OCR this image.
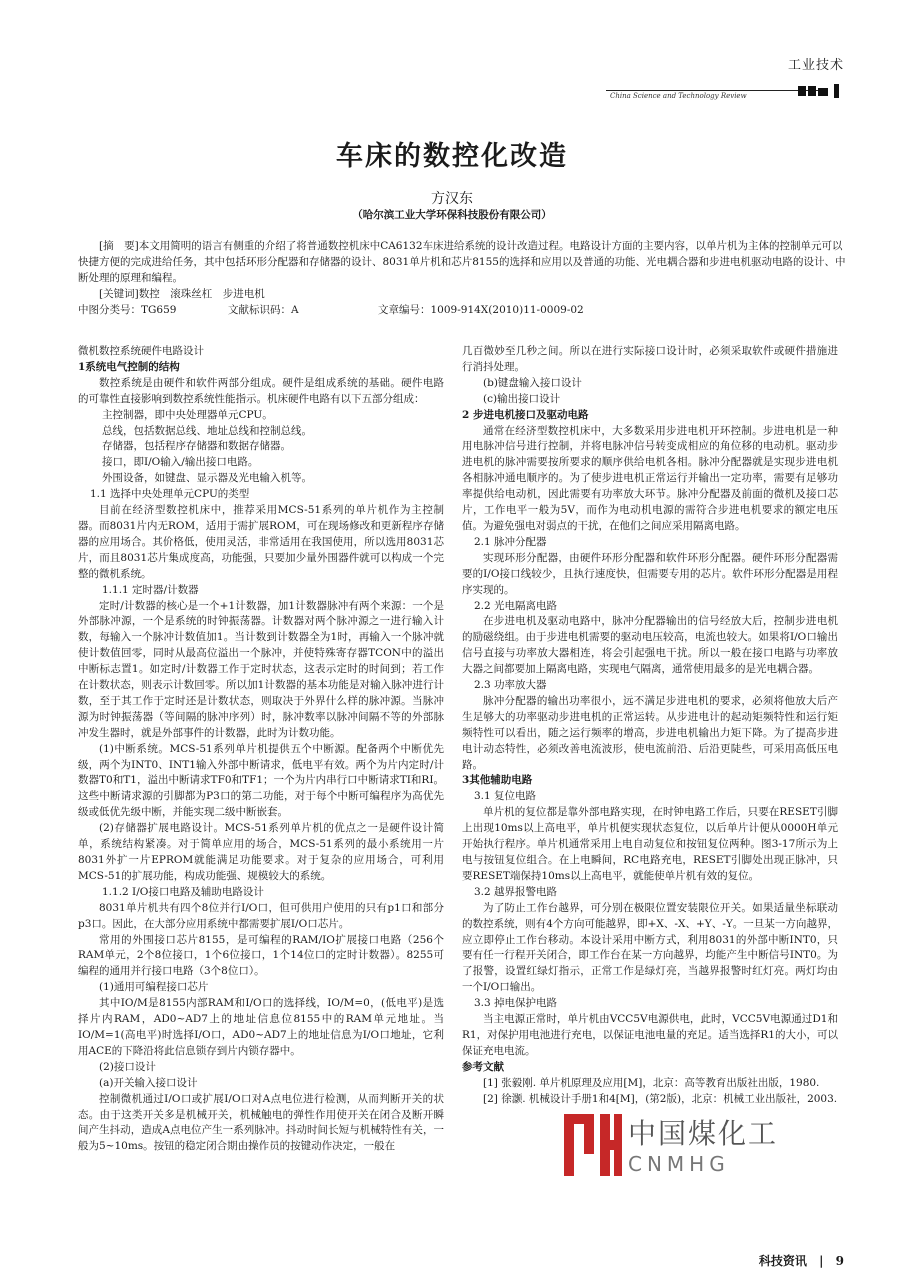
工业技术
China Science and Technology Review
车床的数控化改造
方汉东
（哈尔滨工业大学环保科技股份有限公司）

[摘　要]本文用简明的语言有侧重的介绍了将普通数控机床中CA6132车床进给系统的设计改造过程。电路设计方面的主要内容，以单片机为主体的控制单元可以快捷方便的完成进给任务，其中包括环形分配器和存储器的设计、8031单片机和芯片8155的选择和应用以及普通的功能、光电耦合器和步进电机驱动电路的设计、中断处理的原理和编程。

[关键词]数控　滚珠丝杠　步进电机

中图分类号：TG659	文献标识码：A	文章编号：1009-914X(2010)11-0009-02

微机数控系统硬件电路设计

1系统电气控制的结构

数控系统是由硬件和软件两部分组成。硬件是组成系统的基础。硬件电路的可靠性直接影响到数控系统性能指示。机床硬件电路有以下五部分组成：

主控制器，即中央处理器单元CPU。

总线，包括数据总线、地址总线和控制总线。

存储器，包括程序存储器和数据存储器。

接口，即I/O输入/输出接口电路。

外围设备，如键盘、显示器及光电输入机等。

1.1 选择中央处理单元CPU的类型

目前在经济型数控机床中，推荐采用MCS-51系列的单片机作为主控制器。而8031片内无ROM，适用于需扩展ROM，可在现场修改和更新程序存储器的应用场合。其价格低，使用灵活，非常适用在我国使用，所以选用8031芯片，而且8031芯片集成度高，功能强，只要加少量外围器件就可以构成一个完整的微机系统。

1.1.1 定时器/计数器

定时/计数器的核心是一个+1计数器，加1计数器脉冲有两个来源：一个是外部脉冲源，一个是系统的时钟振荡器。计数器对两个脉冲源之一进行输入计数，每输入一个脉冲计数值加1。当计数到计数器全为1时，再输入一个脉冲就使计数值回零，同时从最高位溢出一个脉冲，并使特殊寄存器TCON中的溢出中断标志置1。如定时/计数器工作于定时状态，这表示定时的时间到；若工作在计数状态，则表示计数回零。所以加1计数器的基本功能是对输入脉冲进行计数，至于其工作于定时还是计数状态，则取决于外界什么样的脉冲源。当脉冲源为时钟振荡器（等间隔的脉冲序列）时，脉冲数率以脉冲间隔不等的外部脉冲发生器时，就是外部事件的计数器，此时为计数功能。

(1)中断系统。MCS-51系列单片机提供五个中断源。配备两个中断优先级，两个为INT0、INT1输入外部中断请求，低电平有效。两个为片内定时/计数器T0和T1，溢出中断请求TF0和TF1；一个为片内串行口中断请求TI和RI。这些中断请求源的引脚都为P3口的第二功能，对于每个中断可编程序为高优先级或低优先级中断，并能实现二级中断嵌套。

(2)存储器扩展电路设计。MCS-51系列单片机的优点之一是硬件设计简单，系统结构紧凑。对于简单应用的场合，MCS-51系列的最小系统用一片8031外扩一片EPROM就能满足功能要求。对于复杂的应用场合，可利用MCS-51的扩展功能，构成功能强、规模较大的系统。

1.1.2 I/O接口电路及辅助电路设计

8031单片机共有四个8位并行I/O口，但可供用户使用的只有p1口和部分p3口。因此，在大部分应用系统中都需要扩展I/O口芯片。

常用的外围接口芯片8155，是可编程的RAM/IO扩展接口电路（256个RAM单元，2个8位接口，1个6位接口，1个14位口的定时计数器）。8255可编程的通用并行接口电路（3个8位口）。

(1)通用可编程接口芯片

其中IO/M是8155内部RAM和I/O口的选择线，IO/M=0，(低电平)是选择片内RAM，AD0~AD7上的地址信息位8155中的RAM单元地址。当IO/M=1(高电平)时选择I/O口，AD0~AD7上的地址信息为I/O口地址，它利用ACE的下降沿将此信息锁存到片内锁存器中。

(2)接口设计

(a)开关输入接口设计

控制微机通过I/O口或扩展I/O口对A点电位进行检测，从而判断开关的状态。由于这类开关多是机械开关，机械触电的弹性作用使开关在闭合及断开瞬间产生抖动，造成A点电位产生一系列脉冲。抖动时间长短与机械特性有关，一般为5~10ms。按钮的稳定闭合期由操作员的按键动作决定，一般在

几百微妙至几秒之间。所以在进行实际接口设计时，必须采取软件或硬件措施进行消抖处理。

(b)键盘输入接口设计

(c)输出接口设计

2 步进电机接口及驱动电路

通常在经济型数控机床中，大多数采用步进电机开环控制。步进电机是一种用电脉冲信号进行控制，并将电脉冲信号转变成相应的角位移的电动机。驱动步进电机的脉冲需要按所要求的顺序供给电机各相。脉冲分配器就是实现步进电机各相脉冲通电顺序的。为了使步进电机正常运行并输出一定功率，需要有足够功率提供给电动机，因此需要有功率放大环节。脉冲分配器及前面的微机及接口芯片，工作电平一般为5V，而作为电动机电源的需符合步进电机要求的额定电压值。为避免强电对弱点的干扰，在他们之间应采用隔离电路。

2.1 脉冲分配器

实现环形分配器，由硬件环形分配器和软件环形分配器。硬件环形分配器需要的I/O接口线较少，且执行速度快，但需要专用的芯片。软件环形分配器是用程序实现的。

2.2 光电隔离电路

在步进电机及驱动电路中，脉冲分配器输出的信号经放大后，控制步进电机的励磁绕组。由于步进电机需要的驱动电压较高，电流也较大。如果将I/O口输出信号直接与功率放大器相连，将会引起强电干扰。所以一般在接口电路与功率放大器之间都要加上隔离电路，实现电气隔离，通常使用最多的是光电耦合器。

2.3 功率放大器

脉冲分配器的输出功率很小，远不满足步进电机的要求，必须将他放大后产生足够大的功率驱动步进电机的正常运转。从步进电计的起动矩频特性和运行矩频特性可以看出，随之运行频率的增高，步进电机输出力矩下降。为了提高步进电计动态特性，必须改善电流波形，使电流前沿、后沿更陡些，可采用高低压电路。

3其他辅助电路

3.1 复位电路

单片机的复位都是靠外部电路实现，在时钟电路工作后，只要在RESET引脚上出现10ms以上高电平，单片机便实现状态复位，以后单片计便从0000H单元开始执行程序。单片机通常采用上电自动复位和按钮复位两种。图3-17所示为上电与按钮复位组合。在上电瞬间，RC电路充电，RESET引脚处出现正脉冲，只要RESET端保持10ms以上高电平，就能使单片机有效的复位。

3.2 越界报警电路

为了防止工作台越界，可分别在极限位置安装限位开关。如果适量坐标联动的数控系统，则有4个方向可能越界，即+X、-X、+Y、-Y。一旦某一方向越界，应立即停止工作台移动。本设计采用中断方式，利用8031的外部中断INT0，只要有任一行程开关闭合，即工作台在某一方向越界，均能产生中断信号INT0。为了报警，设置红绿灯指示，正常工作是绿灯亮，当越界报警时红灯亮。两灯均由一个I/O口输出。

3.3 掉电保护电路

当主电源正常时，单片机由VCC5V电源供电，此时，VCC5V电源通过D1和R1，对保护用电池进行充电，以保证电池电量的充足。适当选择R1的大小，可以保证充电电流。

参考文献

[1] 张毅刚. 单片机原理及应用[M]，北京：高等教育出版社出版，1980.

[2] 徐灏. 机械设计手册1和4[M]，(第2版)，北京：机械工业出版社，2003.

中国煤化工
CNMHG
科技资讯 | 9
